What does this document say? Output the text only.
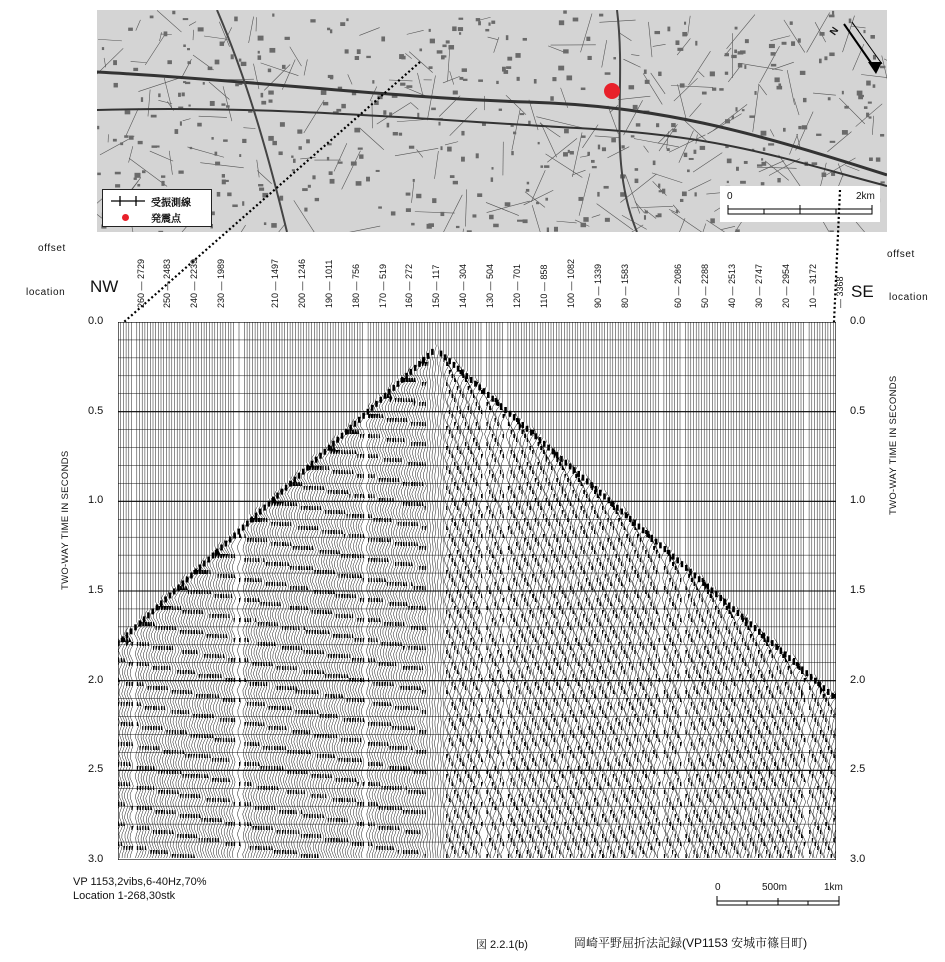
受振測線
発震点
0	2km
N
offset
location NW
offset
location
SE
260 — 2729 250 — 2483 240 — 2239 230 — 1989	210 — 1497 200 — 1246 190 — 1011 180 — 756 170 — 519 160 — 272 150 — 117 140 — 304 130 — 504 120 — 701 110 — 858 100 — 1082 90 — 1339 80 — 1583	60 — 2086 50 — 2288 40 — 2513 30 — 2747 20 — 2954 10 — 3172 — 3368
0.0
0.5
1.0
1.5
2.0
2.5
3.0
0.0
0.5
1.0
1.5
2.0
2.5
3.0
TWO-WAY TIME IN SECONDS
TWO-WAY TIME IN SECONDS
VP 1153,2vibs,6-40Hz,70%
Location 1-268,30stk
0	500m	1km
図 2.2.1(b)	岡崎平野屈折法記録(VP1153 安城市篠目町)
